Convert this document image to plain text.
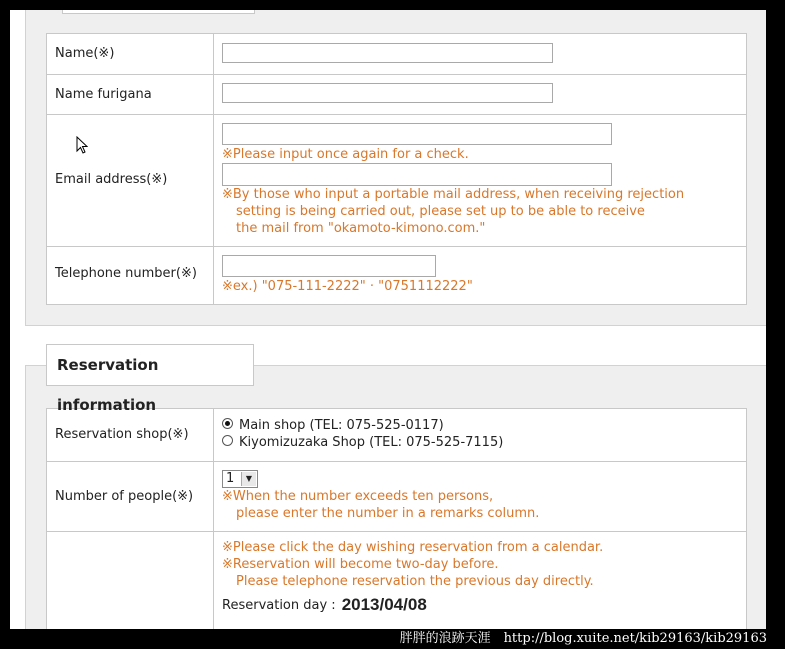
Name(※)
Name furigana
Email address(※)
※Please input once again for a check.
※By those who input a portable mail address, when receiving rejection
setting is being carried out, please set up to be able to receive
the mail from "okamoto-kimono.com."
Telephone number(※)
※ex.) "075-111-2222" · "0751112222"
Reservation information
Reservation shop(※)
Main shop (TEL: 075-525-0117)
Kiyomizuzaka Shop (TEL: 075-525-7115)
Number of people(※)
1	▼
※When the number exceeds ten persons,
please enter the number in a remarks column.
※Please click the day wishing reservation from a calendar.
※Reservation will become two-day before.
Please telephone reservation the previous day directly.
Reservation day : 2013/04/08
胖胖的浪跡天涯　http://blog.xuite.net/kib29163/kib29163
